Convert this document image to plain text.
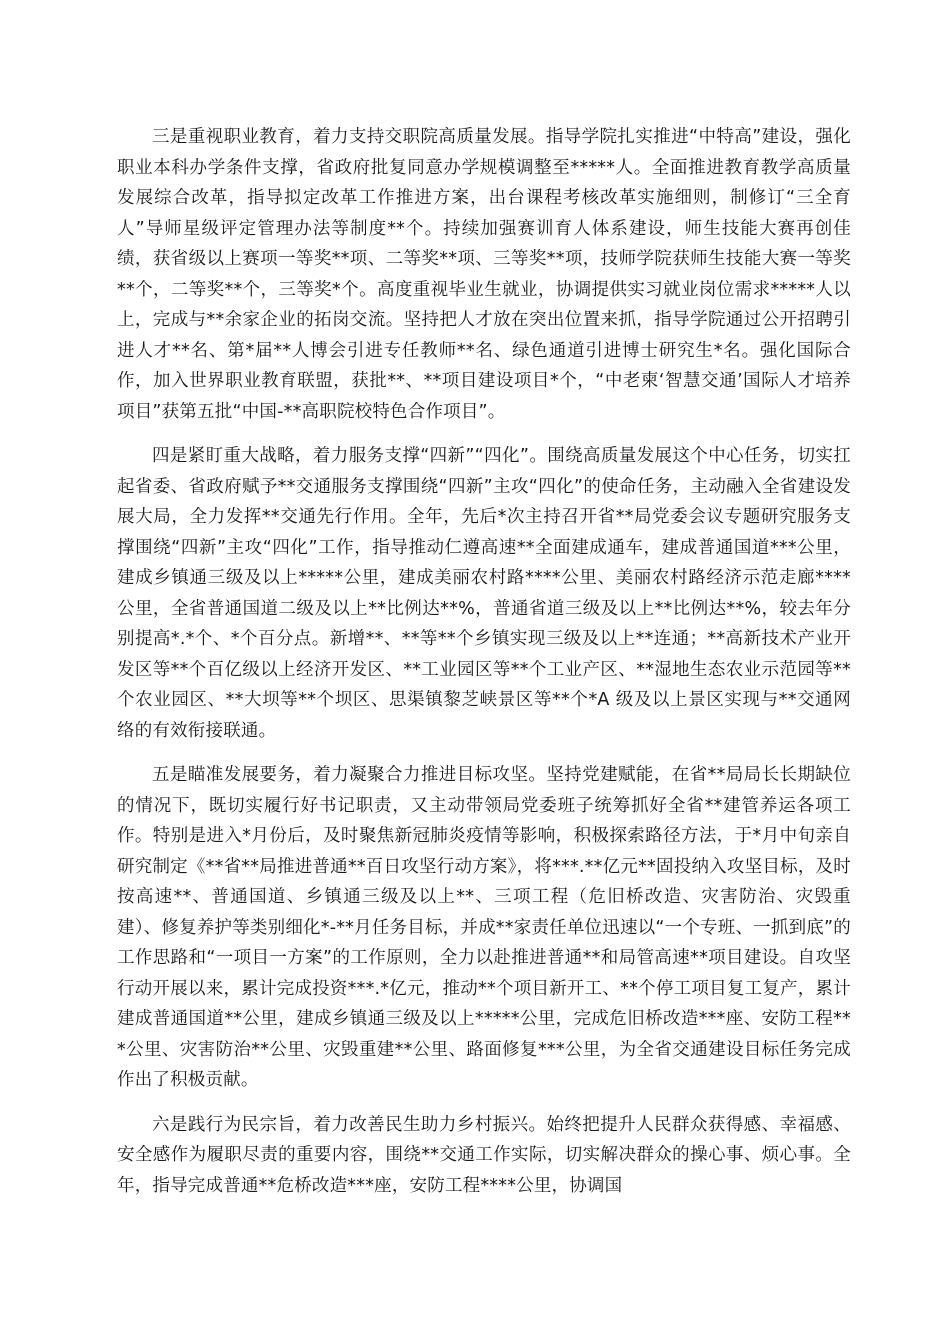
三是重视职业教育，着力支持交职院高质量发展。指导学院扎实推进“中特高”建设，强化职业本科办学条件支撑，省政府批复同意办学规模调整至*****人。全面推进教育教学高质量发展综合改革，指导拟定改革工作推进方案，出台课程考核改革实施细则，制修订“三全育人”导师星级评定管理办法等制度**个。持续加强赛训育人体系建设，师生技能大赛再创佳绩，获省级以上赛项一等奖**项、二等奖**项、三等奖**项，技师学院获师生技能大赛一等奖**个，二等奖**个，三等奖*个。高度重视毕业生就业，协调提供实习就业岗位需求*****人以上，完成与**余家企业的拓岗交流。坚持把人才放在突出位置来抓，指导学院通过公开招聘引进人才**名、第*届**人博会引进专任教师**名、绿色通道引进博士研究生*名。强化国际合作，加入世界职业教育联盟，获批**、**项目建设项目*个，“中老柬‘智慧交通’国际人才培养项目”获第五批“中国-**高职院校特色合作项目”。

四是紧盯重大战略，着力服务支撑“四新”“四化”。围绕高质量发展这个中心任务，切实扛起省委、省政府赋予**交通服务支撑围绕“四新”主攻“四化”的使命任务，主动融入全省建设发展大局，全力发挥**交通先行作用。全年，先后*次主持召开省**局党委会议专题研究服务支撑围绕“四新”主攻“四化”工作，指导推动仁遵高速**全面建成通车，建成普通国道***公里，建成乡镇通三级及以上*****公里，建成美丽农村路****公里、美丽农村路经济示范走廊****公里，全省普通国道二级及以上**比例达**%，普通省道三级及以上**比例达**%，较去年分别提高*.*个、*个百分点。新增**、**等**个乡镇实现三级及以上**连通；**高新技术产业开发区等**个百亿级以上经济开发区、**工业园区等**个工业产区、**湿地生态农业示范园等**个农业园区、**大坝等**个坝区、思渠镇黎芝峡景区等**个*A 级及以上景区实现与**交通网络的有效衔接联通。

五是瞄准发展要务，着力凝聚合力推进目标攻坚。坚持党建赋能，在省**局局长长期缺位的情况下，既切实履行好书记职责，又主动带领局党委班子统筹抓好全省**建管养运各项工作。特别是进入*月份后，及时聚焦新冠肺炎疫情等影响，积极探索路径方法，于*月中旬亲自研究制定《**省**局推进普通**百日攻坚行动方案》，将***.**亿元**固投纳入攻坚目标，及时按高速**、普通国道、乡镇通三级及以上**、三项工程（危旧桥改造、灾害防治、灾毁重建）、修复养护等类别细化*-**月任务目标，并成**家责任单位迅速以“一个专班、一抓到底”的工作思路和“一项目一方案”的工作原则，全力以赴推进普通**和局管高速**项目建设。自攻坚行动开展以来，累计完成投资***.*亿元，推动**个项目新开工、**个停工项目复工复产，累计建成普通国道**公里，建成乡镇通三级及以上*****公里，完成危旧桥改造***座、安防工程***公里、灾害防治**公里、灾毁重建**公里、路面修复***公里，为全省交通建设目标任务完成作出了积极贡献。

六是践行为民宗旨，着力改善民生助力乡村振兴。始终把提升人民群众获得感、幸福感、安全感作为履职尽责的重要内容，围绕**交通工作实际，切实解决群众的操心事、烦心事。全年，指导完成普通**危桥改造***座，安防工程****公里，协调国
